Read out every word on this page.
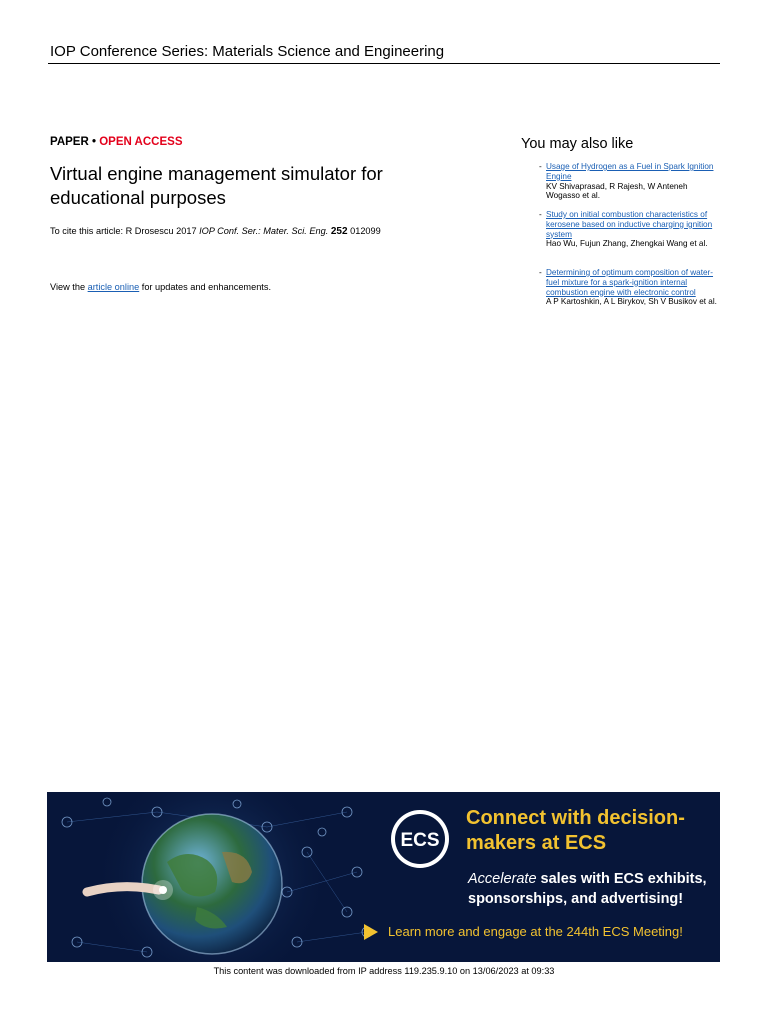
IOP Conference Series: Materials Science and Engineering
PAPER • OPEN ACCESS
Virtual engine management simulator for educational purposes
To cite this article: R Drosescu 2017 IOP Conf. Ser.: Mater. Sci. Eng. 252 012099
View the article online for updates and enhancements.
You may also like
- Usage of Hydrogen as a Fuel in Spark Ignition Engine
KV Shivaprasad, R Rajesh, W Anteneh Wogasso et al.
- Study on initial combustion characteristics of kerosene based on inductive charging ignition system
Hao Wu, Fujun Zhang, Zhengkai Wang et al.
- Determining of optimum composition of water-fuel mixture for a spark-ignition internal combustion engine with electronic control
A P Kartoshkin, A L Birykov, Sh V Busikov et al.
ECS
Connect with decision-makers at ECS
Accelerate sales with ECS exhibits, sponsorships, and advertising!
Learn more and engage at the 244th ECS Meeting!
This content was downloaded from IP address 119.235.9.10 on 13/06/2023 at 09:33
